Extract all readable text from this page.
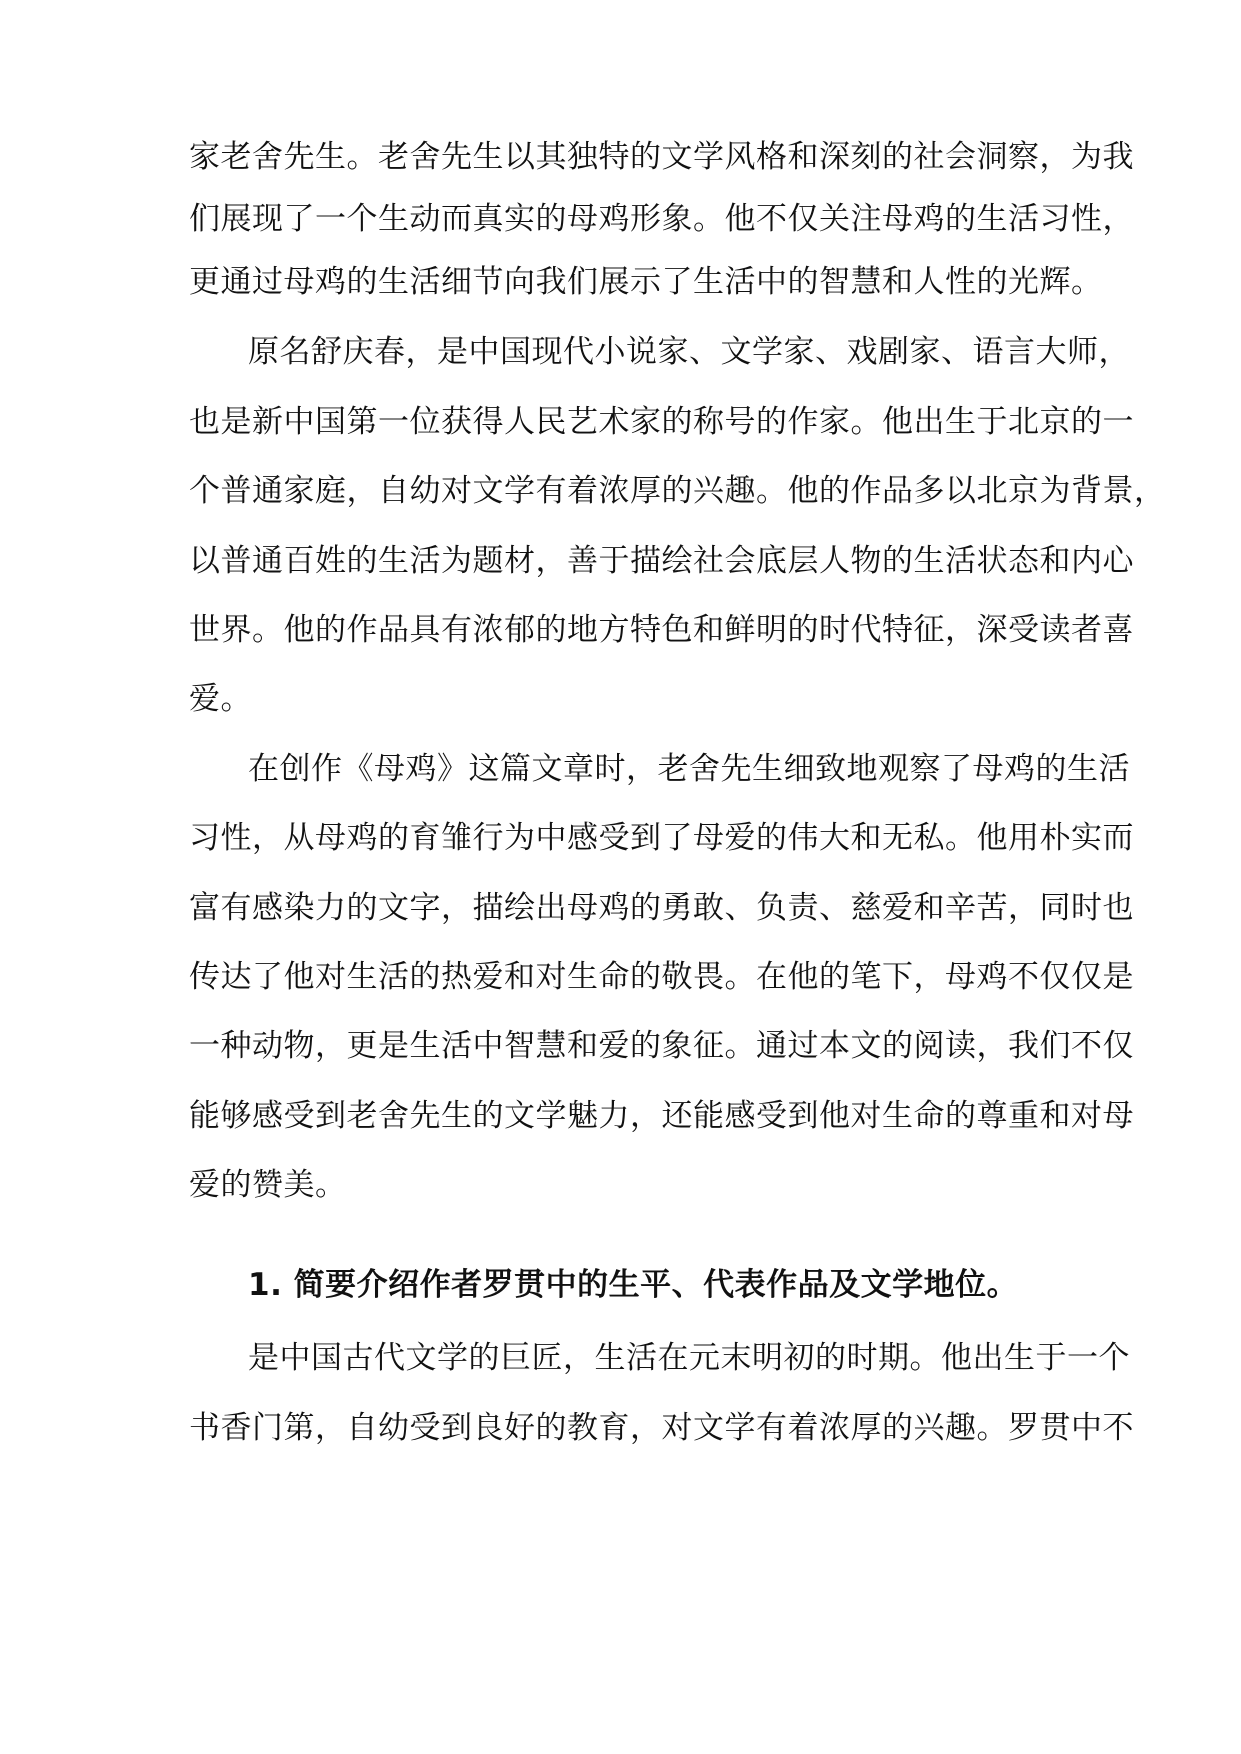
家老舍先生。老舍先生以其独特的文学风格和深刻的社会洞察，为我
们展现了一个生动而真实的母鸡形象。他不仅关注母鸡的生活习性，
更通过母鸡的生活细节向我们展示了生活中的智慧和人性的光辉。
原名舒庆春，是中国现代小说家、文学家、戏剧家、语言大师，
也是新中国第一位获得人民艺术家的称号的作家。他出生于北京的一
个普通家庭，自幼对文学有着浓厚的兴趣。他的作品多以北京为背景，
以普通百姓的生活为题材，善于描绘社会底层人物的生活状态和内心
世界。他的作品具有浓郁的地方特色和鲜明的时代特征，深受读者喜
爱。
在创作《母鸡》这篇文章时，老舍先生细致地观察了母鸡的生活
习性，从母鸡的育雏行为中感受到了母爱的伟大和无私。他用朴实而
富有感染力的文字，描绘出母鸡的勇敢、负责、慈爱和辛苦，同时也
传达了他对生活的热爱和对生命的敬畏。在他的笔下，母鸡不仅仅是
一种动物，更是生活中智慧和爱的象征。通过本文的阅读，我们不仅
能够感受到老舍先生的文学魅力，还能感受到他对生命的尊重和对母
爱的赞美。
1. 简要介绍作者罗贯中的生平、代表作品及文学地位。
是中国古代文学的巨匠，生活在元末明初的时期。他出生于一个
书香门第，自幼受到良好的教育，对文学有着浓厚的兴趣。罗贯中不
